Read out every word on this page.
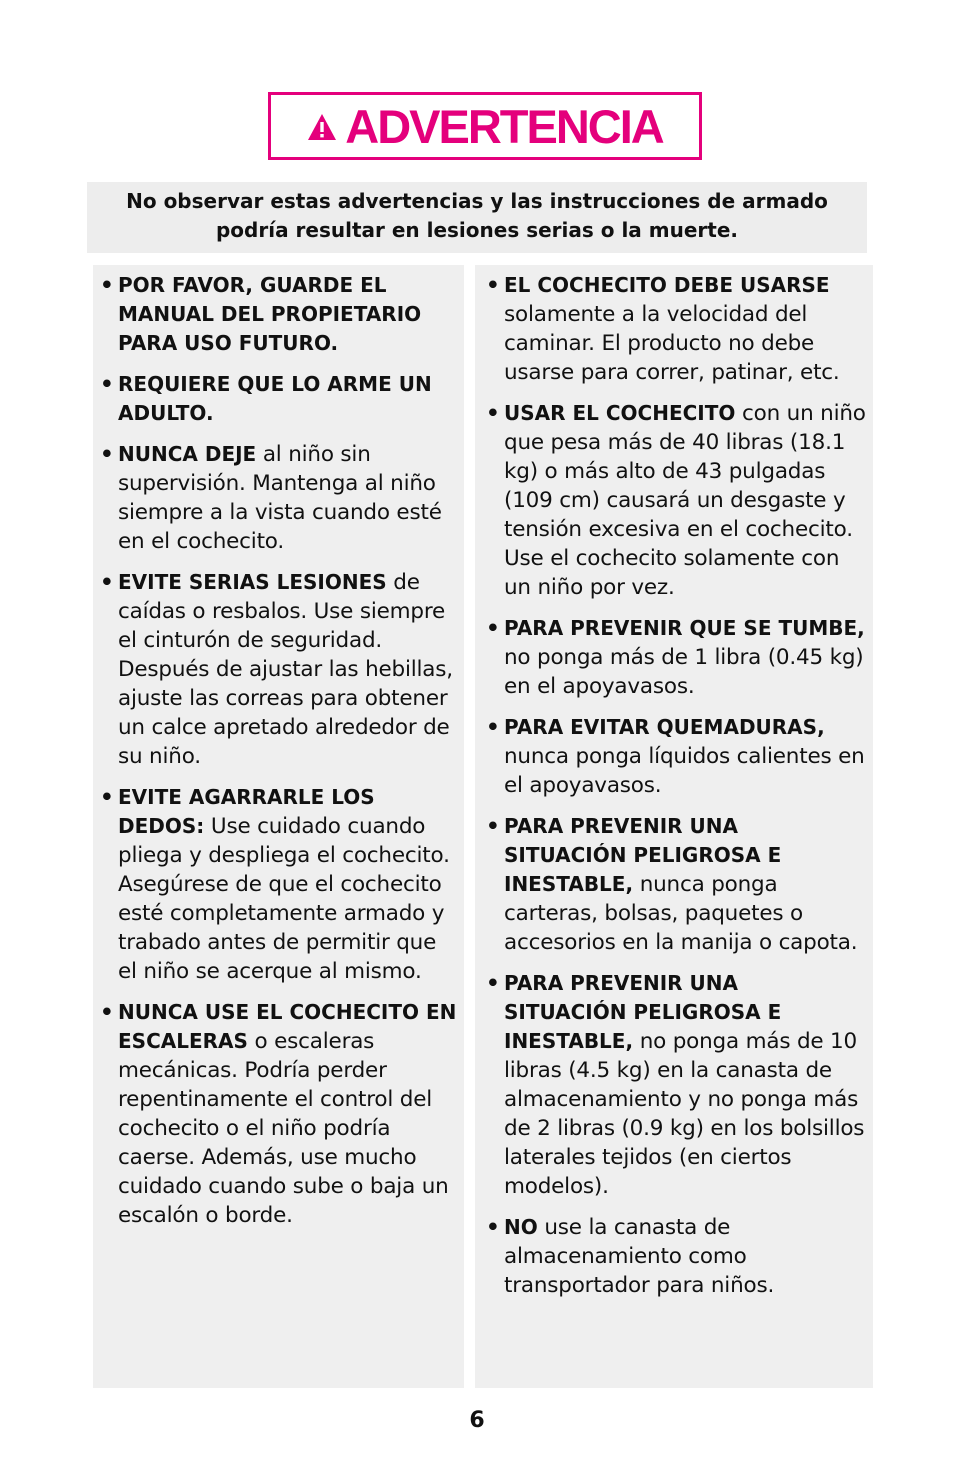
ADVERTENCIA
No observar estas advertencias y las instrucciones de armado
podría resultar en lesiones serias o la muerte.
• POR FAVOR, GUARDE EL MANUAL DEL PROPIETARIO PARA USO FUTURO.
• REQUIERE QUE LO ARME UN ADULTO.
• NUNCA DEJE al niño sin supervisión. Mantenga al niño siempre a la vista cuando esté en el cochecito.
• EVITE SERIAS LESIONES de caídas o resbalos. Use siempre el cinturón de seguridad. Después de ajustar las hebillas, ajuste las correas para obtener un calce apretado alrededor de su niño.
• EVITE AGARRARLE LOS DEDOS: Use cuidado cuando pliega y despliega el cochecito. Asegúrese de que el cochecito esté completamente armado y trabado antes de permitir que el niño se acerque al mismo.
• NUNCA USE EL COCHECITO EN ESCALERAS o escaleras mecánicas. Podría perder repentinamente el control del cochecito o el niño podría caerse. Además, use mucho cuidado cuando sube o baja un escalón o borde.
• EL COCHECITO DEBE USARSE solamente a la velocidad del caminar. El producto no debe usarse para correr, patinar, etc.
• USAR EL COCHECITO con un niño que pesa más de 40 libras (18.1 kg) o más alto de 43 pulgadas (109 cm) causará un desgaste y tensión excesiva en el cochecito. Use el cochecito solamente con un niño por vez.
• PARA PREVENIR QUE SE TUMBE, no ponga más de 1 libra (0.45 kg) en el apoyavasos.
• PARA EVITAR QUEMADURAS, nunca ponga líquidos calientes en el apoyavasos.
• PARA PREVENIR UNA SITUACIÓN PELIGROSA E INESTABLE, nunca ponga carteras, bolsas, paquetes o accesorios en la manija o capota.
• PARA PREVENIR UNA SITUACIÓN PELIGROSA E INESTABLE, no ponga más de 10 libras (4.5 kg) en la canasta de almacenamiento y no ponga más de 2 libras (0.9 kg) en los bolsillos laterales tejidos (en ciertos modelos).
• NO use la canasta de almacenamiento como transportador para niños.
6
